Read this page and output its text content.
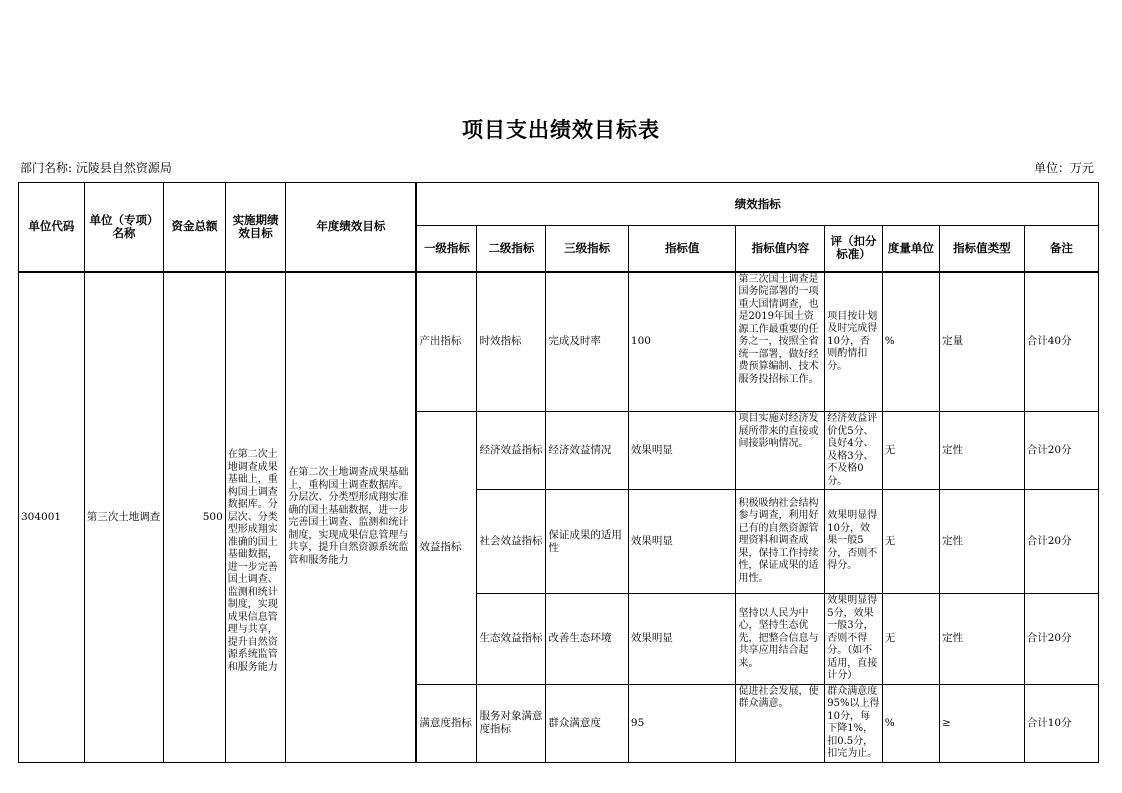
项目支出绩效目标表
部门名称: 沅陵县自然资源局	单位：万元
单位代码	单位（专项）名称	资金总额	实施期绩效目标	年度绩效目标	绩效指标								
					一级指标	二级指标	三级指标	指标值	指标值内容	评（扣分标准）	度量单位	指标值类型	备注
304001	第三次土地调查	500	在第二次土地调查成果基础上，重构国土调查数据库。分层次、分类型形成翔实准确的国土基础数据，进一步完善国土调查、监测和统计制度，实现成果信息管理与共享，提升自然资源系统监管和服务能力	在第二次土地调查成果基础上，重构国土调查数据库。分层次、分类型形成翔实准确的国土基础数据，进一步完善国土调查、监测和统计制度，实现成果信息管理与共享，提升自然资源系统监管和服务能力	产出指标	时效指标	完成及时率	100	第三次国土调查是国务院部署的一项重大国情调查，也是2019年国土资源工作最重要的任务之一，按照全省统一部署，做好经费预算编制、技术服务投招标工作。	项目按计划及时完成得10分，否则酌情扣分。	%	定量	合计40分
					效益指标	经济效益指标	经济效益情况	效果明显	项目实施对经济发展所带来的直接或间接影响情况。	经济效益评价优5分、良好4分、及格3分、不及格0分。	无	定性	合计20分
						社会效益指标	保证成果的适用性	效果明显	积极吸纳社会结构参与调查，利用好已有的自然资源管理资料和调查成果，保持工作持续性，保证成果的适用性。	效果明显得10分，效果一般5分，否则不得分。	无	定性	合计20分
						生态效益指标	改善生态环境	效果明显	坚持以人民为中心，坚持生态优先，把整合信息与共享应用结合起来。	效果明显得5分，效果一般3分，否则不得分。（如不适用，直接计分）	无	定性	合计20分
					满意度指标	服务对象满意度指标	群众满意度	95	促进社会发展，使群众满意。	群众满意度95%以上得10分，每下降1%，扣0.5分，扣完为止。	%	≥	合计10分
